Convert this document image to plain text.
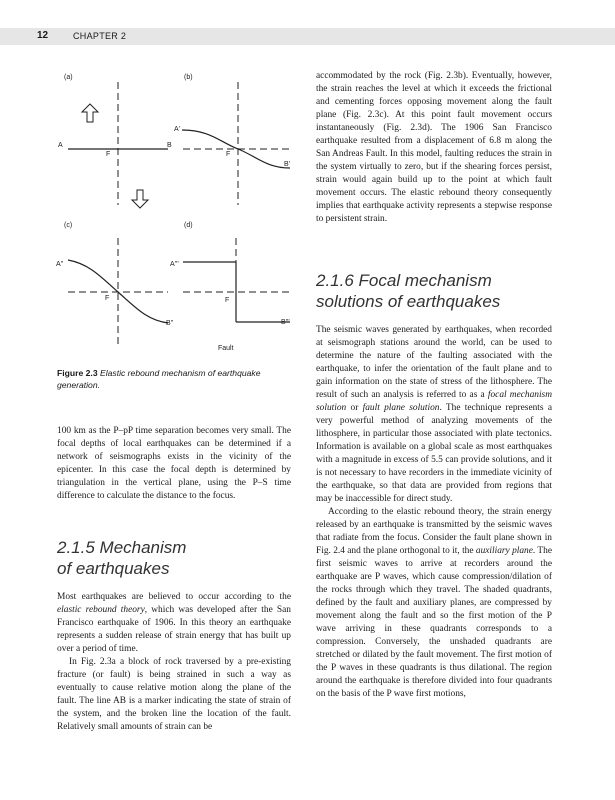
12	CHAPTER 2
(a)	(b)
(c)	(d)
A
F
B
A'
F
B'
A''
F
B''
A'''
F
B'''
Fault
Figure 2.3 Elastic rebound mechanism of earthquake generation.

100 km as the P–pP time separation becomes very small. The focal depths of local earthquakes can be determined if a network of seismographs exists in the vicinity of the epicenter. In this case the focal depth is determined by triangulation in the vertical plane, using the P–S time difference to calculate the distance to the focus.

2.1.5 Mechanism
of earthquakes

Most earthquakes are believed to occur according to the elastic rebound theory, which was developed after the San Francisco earthquake of 1906. In this theory an earthquake represents a sudden release of strain energy that has built up over a period of time.

In Fig. 2.3a a block of rock traversed by a pre-existing fracture (or fault) is being strained in such a way as eventually to cause relative motion along the plane of the fault. The line AB is a marker indicating the state of strain of the system, and the broken line the location of the fault. Relatively small amounts of strain can be

accommodated by the rock (Fig. 2.3b). Eventually, however, the strain reaches the level at which it exceeds the frictional and cementing forces opposing movement along the fault plane (Fig. 2.3c). At this point fault movement occurs instantaneously (Fig. 2.3d). The 1906 San Francisco earthquake resulted from a displacement of 6.8 m along the San Andreas Fault. In this model, faulting reduces the strain in the system virtually to zero, but if the shearing forces persist, strain would again build up to the point at which fault movement occurs. The elastic rebound theory consequently implies that earthquake activity represents a stepwise response to persistent strain.

2.1.6 Focal mechanism
solutions of earthquakes

The seismic waves generated by earthquakes, when recorded at seismograph stations around the world, can be used to determine the nature of the faulting associated with the earthquake, to infer the orientation of the fault plane and to gain information on the state of stress of the lithosphere. The result of such an analysis is referred to as a focal mechanism solution or fault plane solution. The technique represents a very powerful method of analyzing movements of the lithosphere, in particular those associated with plate tectonics. Information is available on a global scale as most earthquakes with a magnitude in excess of 5.5 can provide solutions, and it is not necessary to have recorders in the immediate vicinity of the earthquake, so that data are provided from regions that may be inaccessible for direct study.

According to the elastic rebound theory, the strain energy released by an earthquake is transmitted by the seismic waves that radiate from the focus. Consider the fault plane shown in Fig. 2.4 and the plane orthogonal to it, the auxiliary plane. The first seismic waves to arrive at recorders around the earthquake are P waves, which cause compression/dilation of the rocks through which they travel. The shaded quadrants, defined by the fault and auxiliary planes, are compressed by movement along the fault and so the first motion of the P wave arriving in these quadrants corresponds to a compression. Conversely, the unshaded quadrants are stretched or dilated by the fault movement. The first motion of the P waves in these quadrants is thus dilational. The region around the earthquake is therefore divided into four quadrants on the basis of the P wave first motions,
